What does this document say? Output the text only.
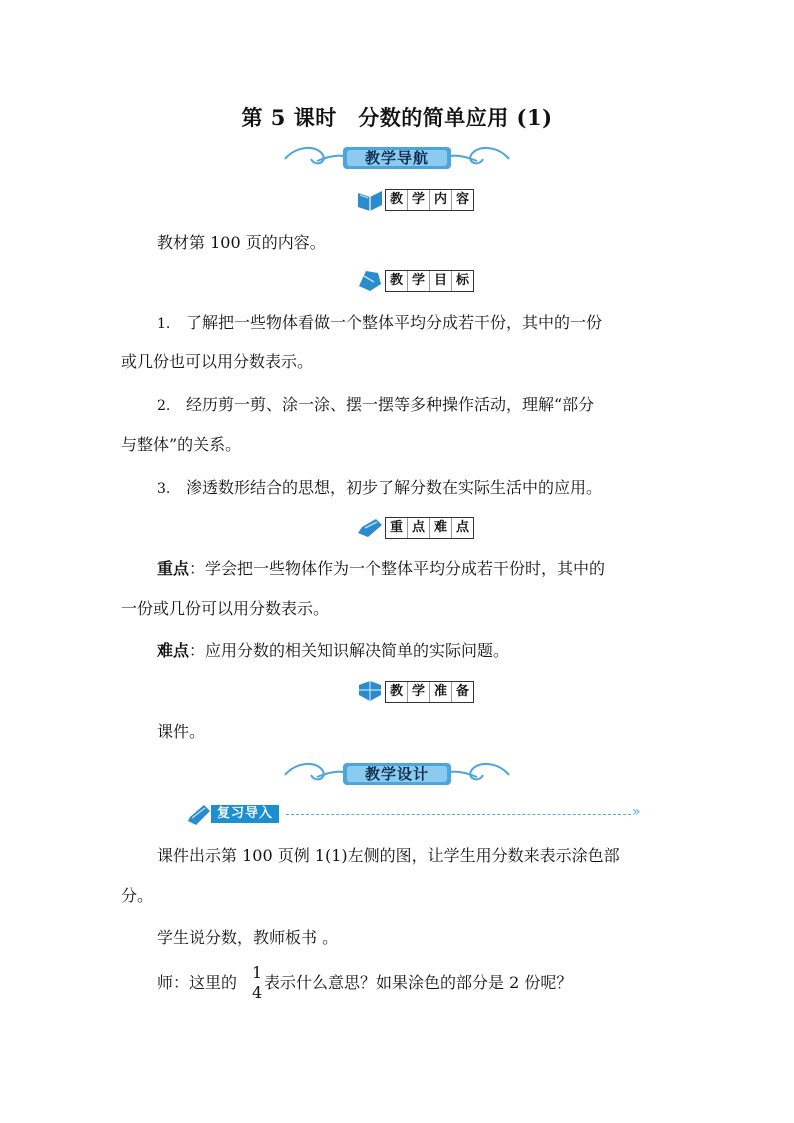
第 5 课时　分数的简单应用 (1)
教学导航
教 学 内 容
教材第 100 页的内容。
教 学 目 标
1. 了解把一些物体看做一个整体平均分成若干份，其中的一份
或几份也可以用分数表示。
2. 经历剪一剪、涂一涂、摆一摆等多种操作活动，理解“部分
与整体”的关系。
3. 渗透数形结合的思想，初步了解分数在实际生活中的应用。
重 点 难 点
重点：学会把一些物体作为一个整体平均分成若干份时，其中的
一份或几份可以用分数表示。
难点：应用分数的相关知识解决简单的实际问题。
教 学 准 备
课件。
教学设计
复习导入	»
课件出示第 100 页例 1(1)左侧的图，让学生用分数来表示涂色部
分。
学生说分数，教师板书 。
师：这里的
1
4
表示什么意思？如果涂色的部分是 2 份呢？
